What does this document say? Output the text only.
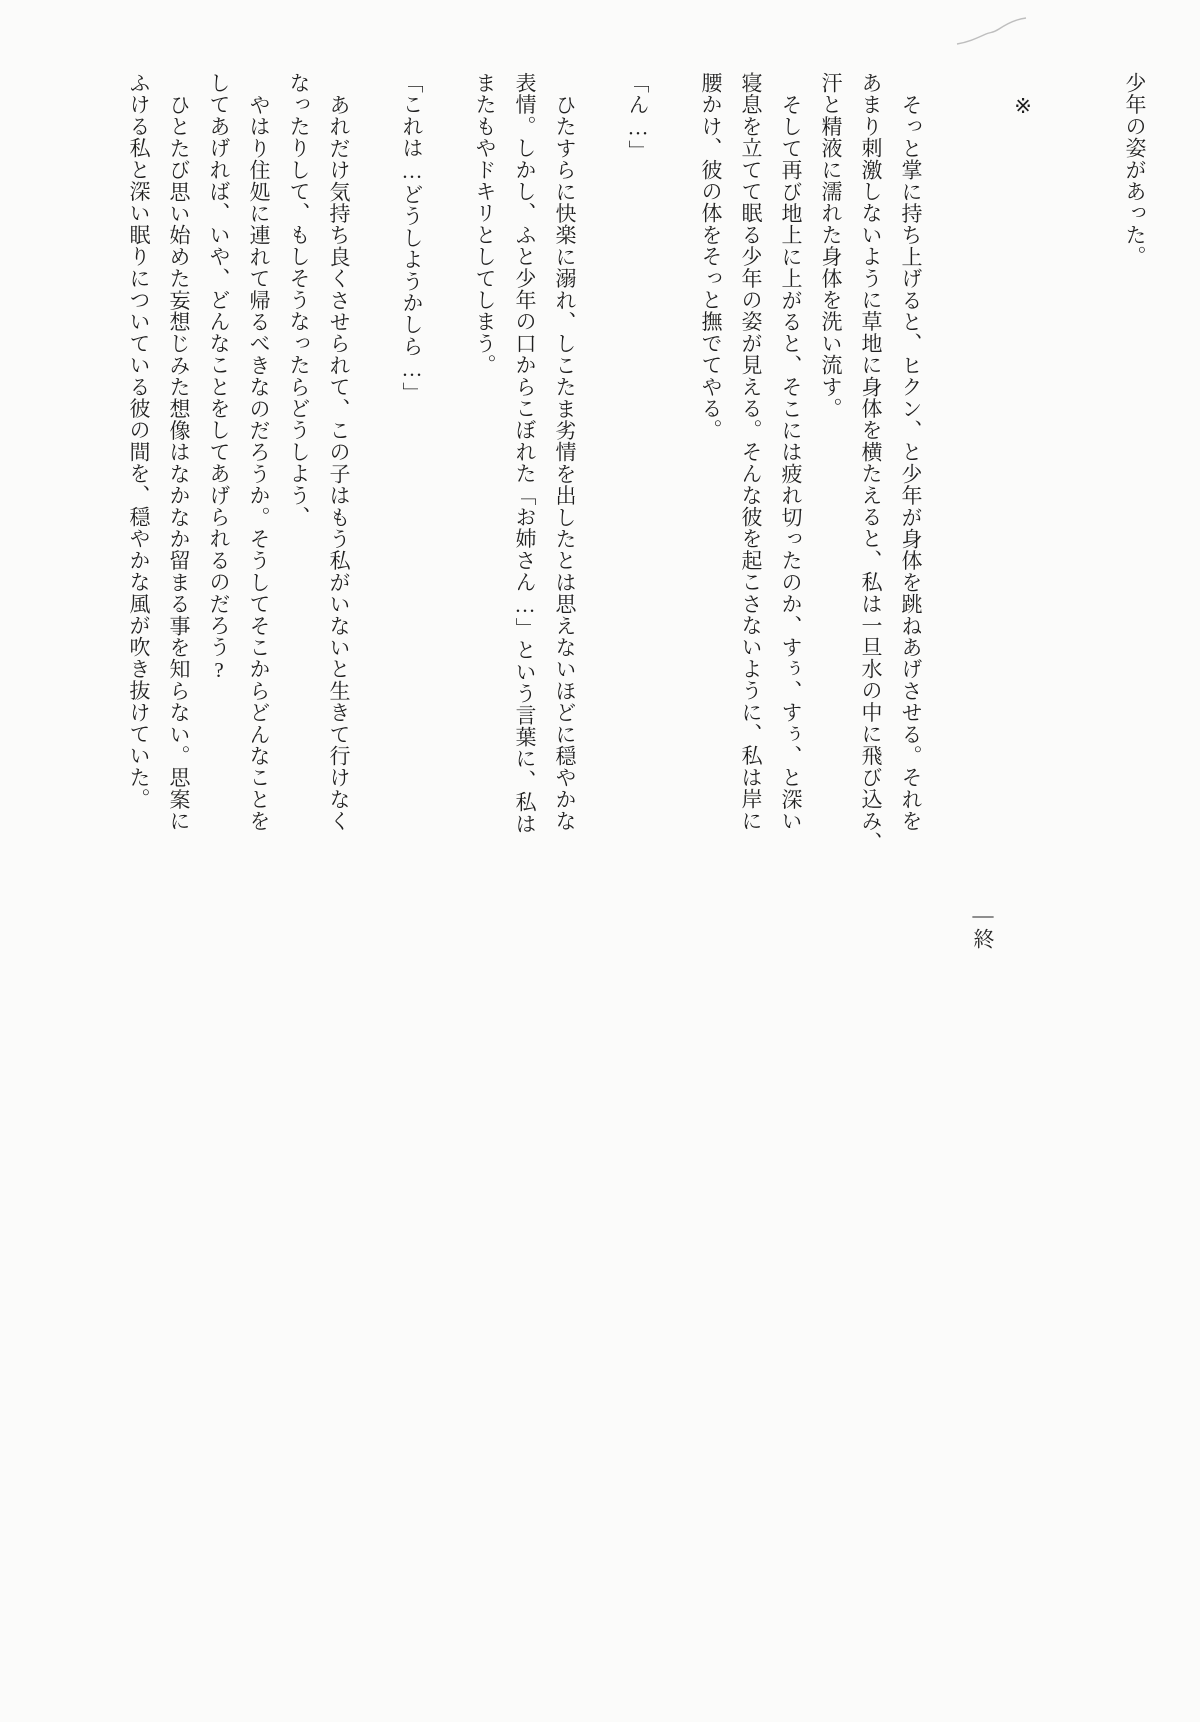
少年の姿があった。

※

そっと掌に持ち上げると、ヒクン、と少年が身体を跳ねあげさせる。それを

あまり刺激しないように草地に身体を横たえると、私は一旦水の中に飛び込み、

汗と精液に濡れた身体を洗い流す。

そして再び地上に上がると、そこには疲れ切ったのか、すぅ、すぅ、と深い

寝息を立てて眠る少年の姿が見える。そんな彼を起こさないように、私は岸に

腰かけ、彼の体をそっと撫でてやる。

「ん…」

ひたすらに快楽に溺れ、しこたま劣情を出したとは思えないほどに穏やかな

表情。しかし、ふと少年の口からこぼれた「お姉さん…」という言葉に、私は

またもやドキリとしてしまう。

「これは…どうしようかしら…」

あれだけ気持ち良くさせられて、この子はもう私がいないと生きて行けなく

なったりして、もしそうなったらどうしよう、

やはり住処に連れて帰るべきなのだろうか。そうしてそこからどんなことを

してあげれば、いや、どんなことをしてあげられるのだろう?

ひとたび思い始めた妄想じみた想像はなかなか留まる事を知らない。思案に

ふける私と深い眠りについている彼の間を、穏やかな風が吹き抜けていた。

―終
